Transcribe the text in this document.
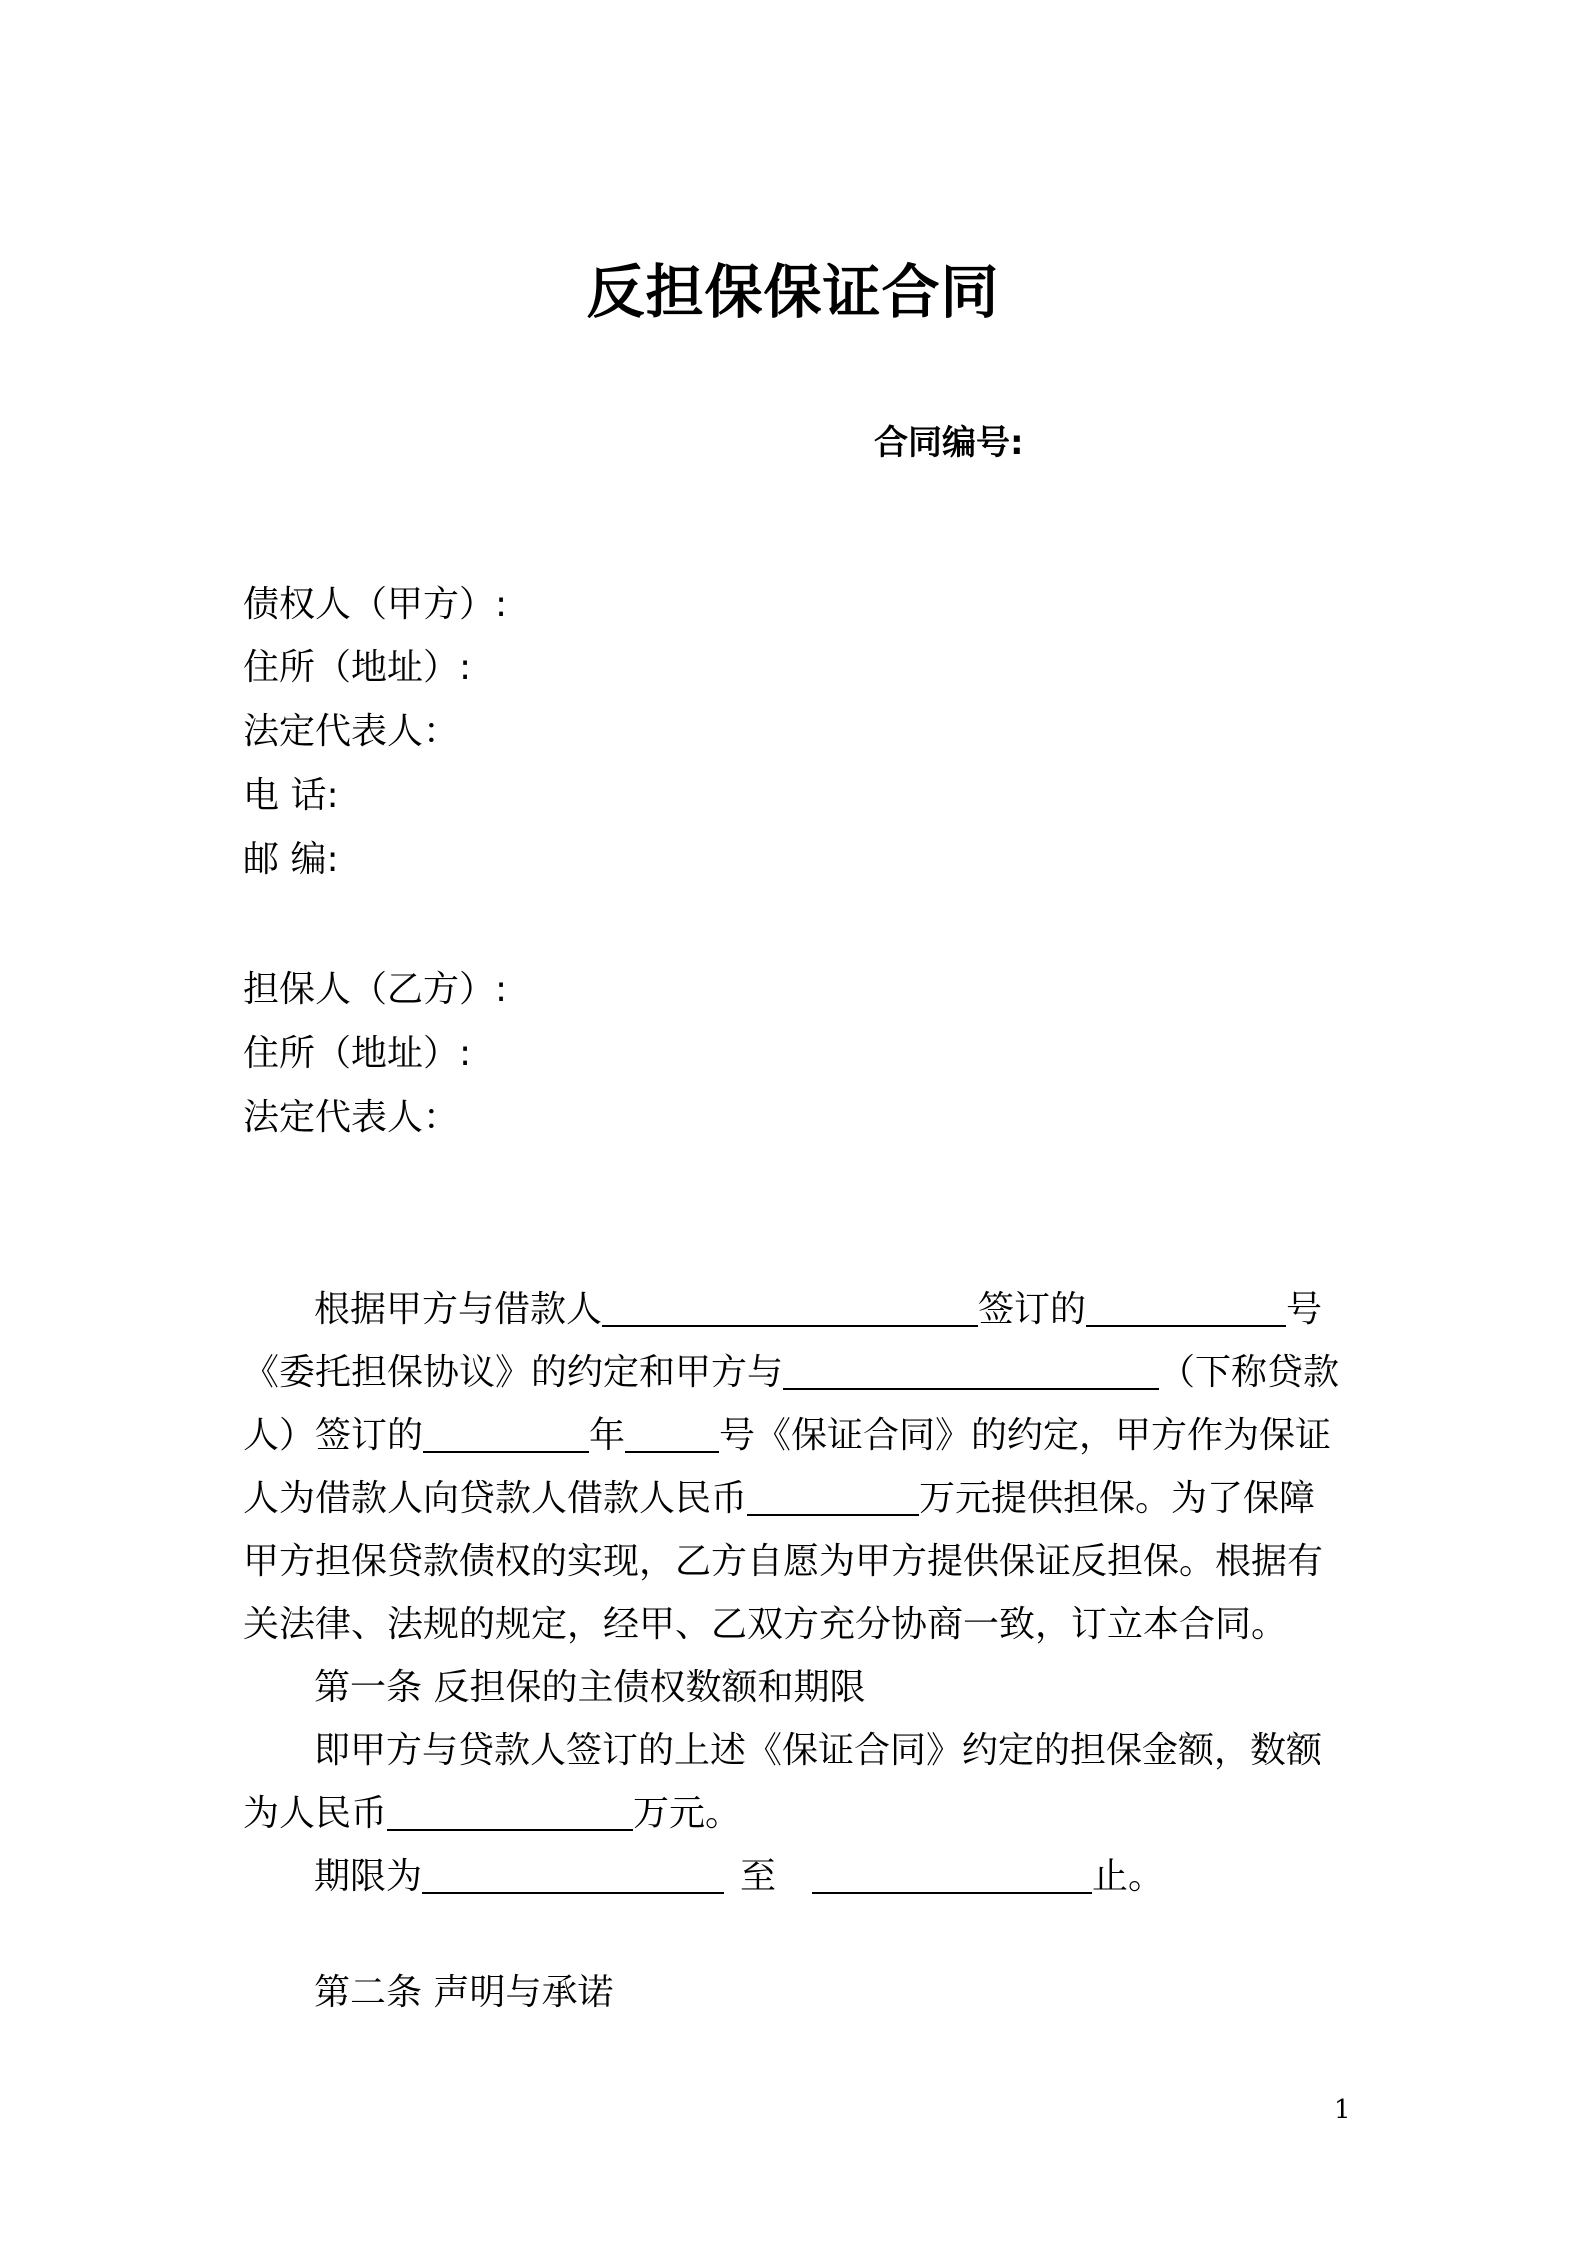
反担保保证合同
合同编号:
债权人（甲方）:
住所（地址）:
法定代表人：
电 话:
邮 编:
担保人（乙方）:
住所（地址）:
法定代表人：
根据甲方与借款人	签订的	号
《委托担保协议》的约定和甲方与	（下称贷款
人）签订的	年	号《保证合同》的约定，甲方作为保证
人为借款人向贷款人借款人民币	万元提供担保。为了保障
甲方担保贷款债权的实现，乙方自愿为甲方提供保证反担保。根据有
关法律、法规的规定，经甲、乙双方充分协商一致，订立本合同。
第一条 反担保的主债权数额和期限
即甲方与贷款人签订的上述《保证合同》约定的担保金额，数额
为人民币	万元。
期限为	至	止。
第二条 声明与承诺
1
